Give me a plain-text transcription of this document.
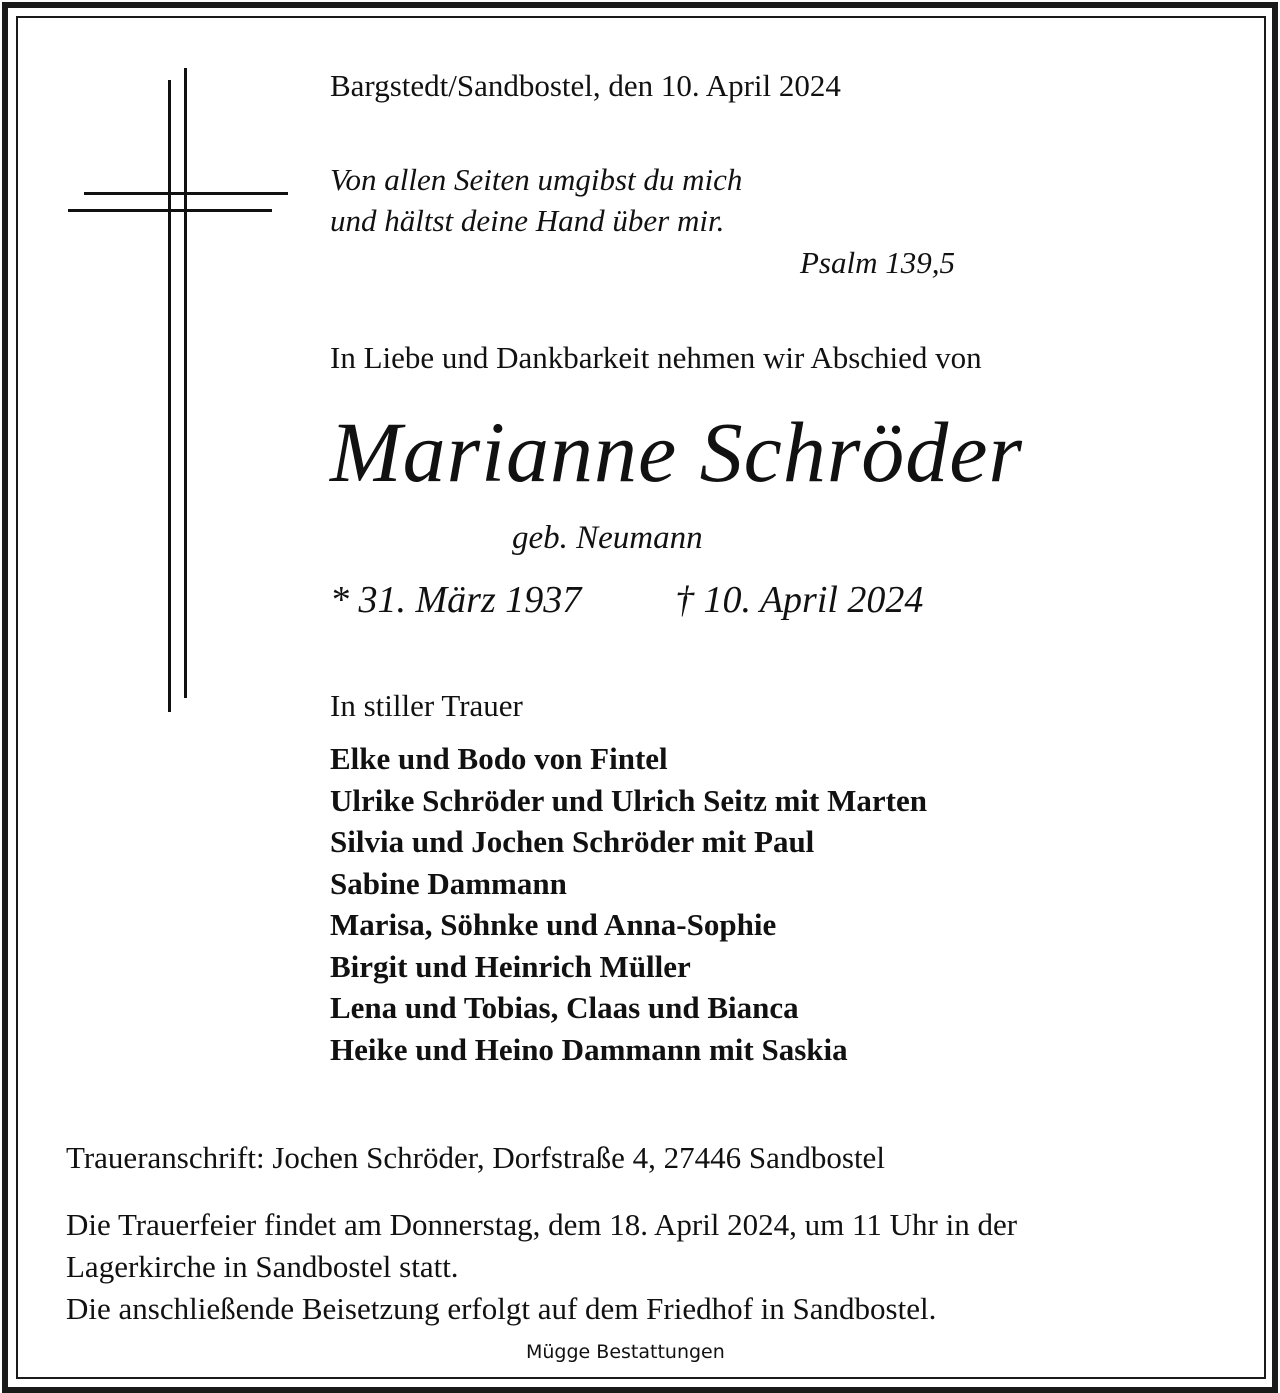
Bargstedt/Sandbostel, den 10. April 2024

Von allen Seiten umgibst du mich

und hältst deine Hand über mir.

Psalm 139,5

In Liebe und Dankbarkeit nehmen wir Abschied von

Marianne Schröder

geb. Neumann

* 31. März 1937 † 10. April 2024

In stiller Trauer

Elke und Bodo von Fintel
Ulrike Schröder und Ulrich Seitz mit Marten
Silvia und Jochen Schröder mit Paul
Sabine Dammann
Marisa, Söhnke und Anna-Sophie
Birgit und Heinrich Müller
Lena und Tobias, Claas und Bianca
Heike und Heino Dammann mit Saskia

Traueranschrift: Jochen Schröder, Dorfstraße 4, 27446 Sandbostel

Die Trauerfeier findet am Donnerstag, dem 18. April 2024, um 11 Uhr in der
Lagerkirche in Sandbostel statt.
Die anschließende Beisetzung erfolgt auf dem Friedhof in Sandbostel.

Mügge Bestattungen
